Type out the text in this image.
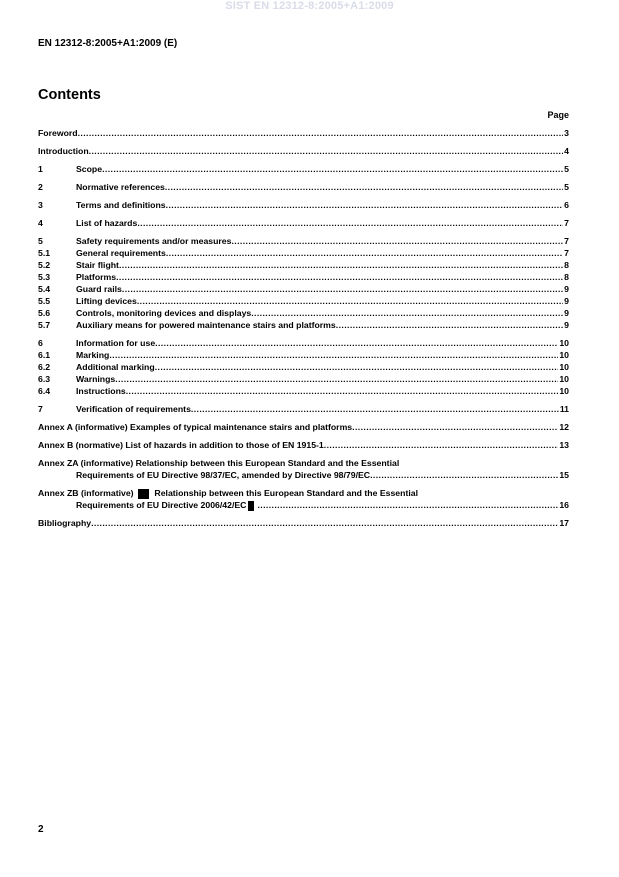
SIST EN 12312-8:2005+A1:2009
EN 12312-8:2005+A1:2009 (E)
Contents
Page
Foreword .....	3
Introduction .....	4
1	Scope .....	5
2	Normative references .....	5
3	Terms and definitions .....	6
4	List of hazards .....	7
5	Safety requirements and/or measures .....	7
5.1	General requirements .....	7
5.2	Stair flight .....	8
5.3	Platforms .....	8
5.4	Guard rails .....	9
5.5	Lifting devices .....	9
5.6	Controls, monitoring devices and displays .....	9
5.7	Auxiliary means for powered maintenance stairs and platforms .....	9
6	Information for use .....	10
6.1	Marking .....	10
6.2	Additional marking .....	10
6.3	Warnings .....	10
6.4	Instructions .....	10
7	Verification of requirements .....	11
Annex A (informative) Examples of typical maintenance stairs and platforms .....	12
Annex B (normative) List of hazards in addition to those of EN 1915-1 .....	13
Annex ZA (informative) Relationship between this European Standard and the Essential
Requirements of EU Directive 98/37/EC, amended by Directive 98/79/EC .....	15
Annex ZB (informative) Relationship between this European Standard and the Essential
Requirements of EU Directive 2006/42/EC .....	16
Bibliography .....	17
2
